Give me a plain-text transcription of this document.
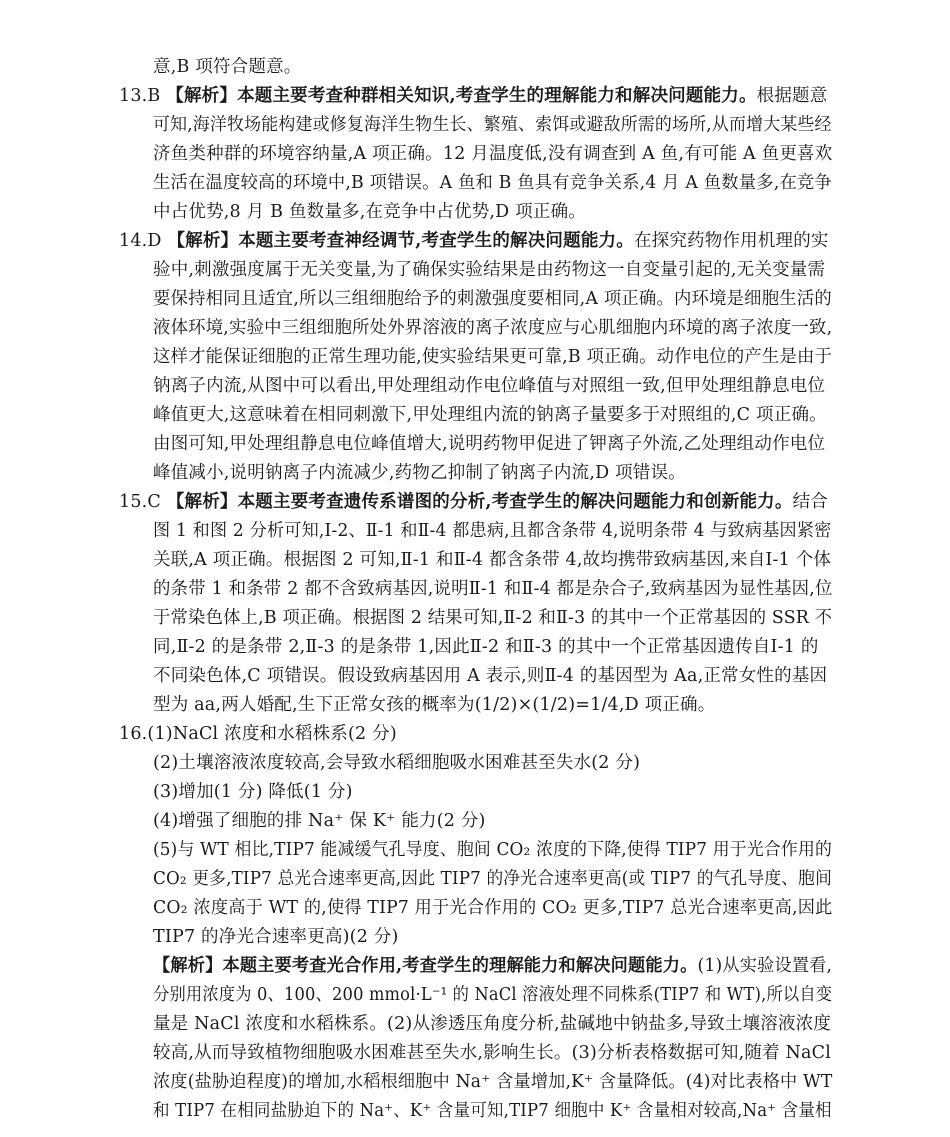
意,B 项符合题意。
13.B 【解析】本题主要考查种群相关知识,考查学生的理解能力和解决问题能力。根据题意
可知,海洋牧场能构建或修复海洋生物生长、繁殖、索饵或避敌所需的场所,从而增大某些经
济鱼类种群的环境容纳量,A 项正确。12 月温度低,没有调查到 A 鱼,有可能 A 鱼更喜欢
生活在温度较高的环境中,B 项错误。A 鱼和 B 鱼具有竞争关系,4 月 A 鱼数量多,在竞争
中占优势,8 月 B 鱼数量多,在竞争中占优势,D 项正确。
14.D 【解析】本题主要考查神经调节,考查学生的解决问题能力。在探究药物作用机理的实
验中,刺激强度属于无关变量,为了确保实验结果是由药物这一自变量引起的,无关变量需
要保持相同且适宜,所以三组细胞给予的刺激强度要相同,A 项正确。内环境是细胞生活的
液体环境,实验中三组细胞所处外界溶液的离子浓度应与心肌细胞内环境的离子浓度一致,
这样才能保证细胞的正常生理功能,使实验结果更可靠,B 项正确。动作电位的产生是由于
钠离子内流,从图中可以看出,甲处理组动作电位峰值与对照组一致,但甲处理组静息电位
峰值更大,这意味着在相同刺激下,甲处理组内流的钠离子量要多于对照组的,C 项正确。
由图可知,甲处理组静息电位峰值增大,说明药物甲促进了钾离子外流,乙处理组动作电位
峰值减小,说明钠离子内流减少,药物乙抑制了钠离子内流,D 项错误。
15.C 【解析】本题主要考查遗传系谱图的分析,考查学生的解决问题能力和创新能力。结合
图 1 和图 2 分析可知,Ⅰ-2、Ⅱ-1 和Ⅱ-4 都患病,且都含条带 4,说明条带 4 与致病基因紧密
关联,A 项正确。根据图 2 可知,Ⅱ-1 和Ⅱ-4 都含条带 4,故均携带致病基因,来自Ⅰ-1 个体
的条带 1 和条带 2 都不含致病基因,说明Ⅱ-1 和Ⅱ-4 都是杂合子,致病基因为显性基因,位
于常染色体上,B 项正确。根据图 2 结果可知,Ⅱ-2 和Ⅱ-3 的其中一个正常基因的 SSR 不
同,Ⅱ-2 的是条带 2,Ⅱ-3 的是条带 1,因此Ⅱ-2 和Ⅱ-3 的其中一个正常基因遗传自Ⅰ-1 的
不同染色体,C 项错误。假设致病基因用 A 表示,则Ⅱ-4 的基因型为 Aa,正常女性的基因
型为 aa,两人婚配,生下正常女孩的概率为(1/2)×(1/2)=1/4,D 项正确。
16.(1)NaCl 浓度和水稻株系(2 分)
(2)土壤溶液浓度较高,会导致水稻细胞吸水困难甚至失水(2 分)
(3)增加(1 分) 降低(1 分)
(4)增强了细胞的排 Na⁺ 保 K⁺ 能力(2 分)
(5)与 WT 相比,TIP7 能减缓气孔导度、胞间 CO₂ 浓度的下降,使得 TIP7 用于光合作用的
CO₂ 更多,TIP7 总光合速率更高,因此 TIP7 的净光合速率更高(或 TIP7 的气孔导度、胞间
CO₂ 浓度高于 WT 的,使得 TIP7 用于光合作用的 CO₂ 更多,TIP7 总光合速率更高,因此
TIP7 的净光合速率更高)(2 分)
【解析】本题主要考查光合作用,考查学生的理解能力和解决问题能力。(1)从实验设置看,
分别用浓度为 0、100、200 mmol·L⁻¹ 的 NaCl 溶液处理不同株系(TIP7 和 WT),所以自变
量是 NaCl 浓度和水稻株系。(2)从渗透压角度分析,盐碱地中钠盐多,导致土壤溶液浓度
较高,从而导致植物细胞吸水困难甚至失水,影响生长。(3)分析表格数据可知,随着 NaCl
浓度(盐胁迫程度)的增加,水稻根细胞中 Na⁺ 含量增加,K⁺ 含量降低。(4)对比表格中 WT
和 TIP7 在相同盐胁迫下的 Na⁺、K⁺ 含量可知,TIP7 细胞中 K⁺ 含量相对较高,Na⁺ 含量相
